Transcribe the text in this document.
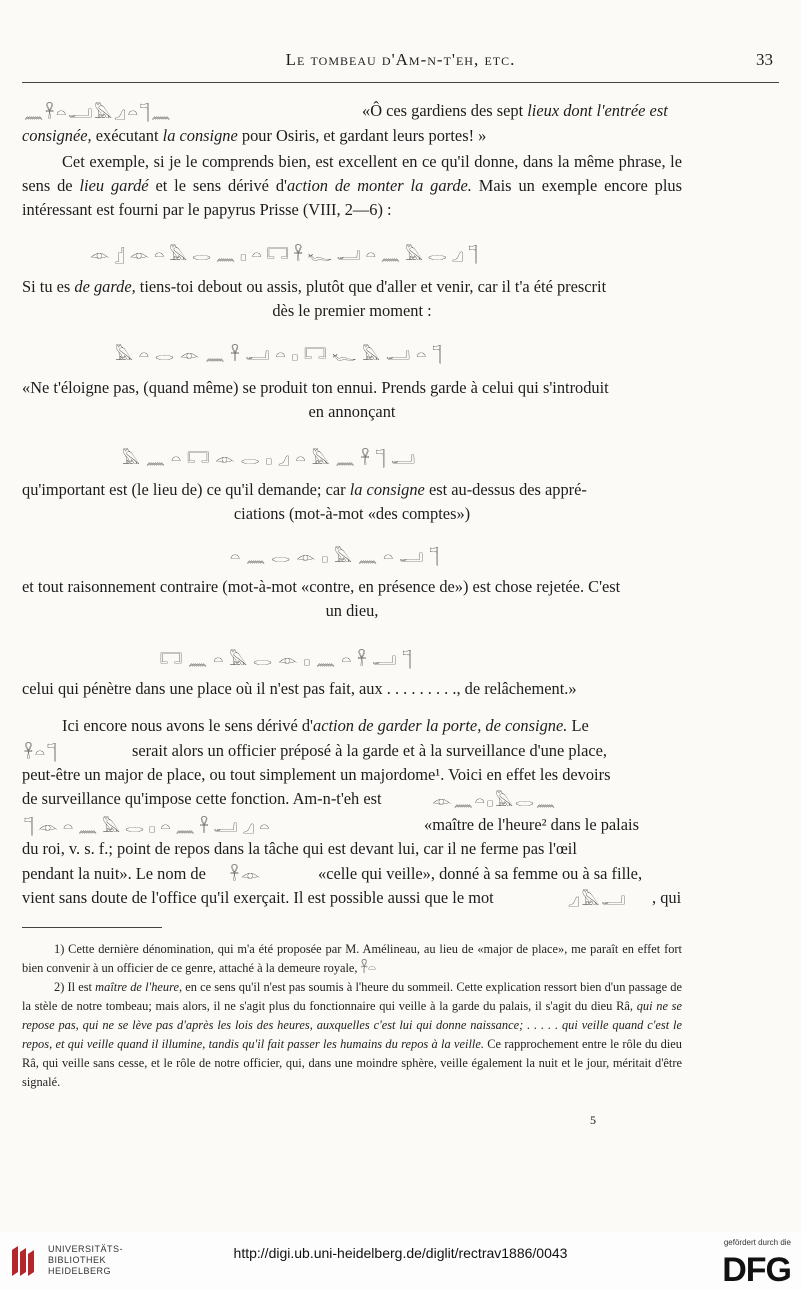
Le tombeau d'Am-n-t'eh, etc.	33
𓈖𓋹𓏏𓂝𓅓𓈎𓏏𓊹𓈖	«Ô ces gardiens des sept lieux dont l'entrée est
consignée, exécutant la consigne pour Osiris, et gardant leurs portes! »
Cet exemple, si je le comprends bien, est excellent en ce qu'il donne, dans la même phrase, le sens de lieu gardé et le sens dérivé d'action de monter la garde. Mais un exemple encore plus intéressant est fourni par le papyrus Prisse (VIII, 2—6) :
𓁹𓊨𓁹𓏏𓅓𓂋𓈖𓊪𓏏𓉐𓋹𓆑𓂝𓏏𓈖𓅓𓂋𓈎𓊹
Si tu es de garde, tiens-toi debout ou assis, plutôt que d'aller et venir, car il t'a été prescrit
dès le premier moment :
𓅓𓏏𓂋𓁹𓈖𓋹𓂝𓏏𓊪𓉐𓆑𓅓𓂝𓏏𓊹
«Ne t'éloigne pas, (quand même) se produit ton ennui. Prends garde à celui qui s'introduit
en annonçant
𓅓𓈖𓏏𓉐𓁹𓂋𓊪𓈎𓏏𓅓𓈖𓋹𓊹𓂝
qu'important est (le lieu de) ce qu'il demande; car la consigne est au-dessus des appré-
ciations (mot-à-mot «des comptes»)
𓏏𓈖𓂋𓁹𓊪𓅓𓈖𓏏𓂝𓊹
et tout raisonnement contraire (mot-à-mot «contre, en présence de») est chose rejetée. C'est
un dieu,
𓉐𓈖𓏏𓅓𓂋𓁹𓊪𓈖𓏏𓋹𓂝𓊹
celui qui pénètre dans une place où il n'est pas fait, aux . . . . . . . . ., de relâchement.»
Ici encore nous avons le sens dérivé d'action de garder la porte, de consigne. Le
𓋹𓏏𓊹	serait alors un officier préposé à la garde et à la surveillance d'une place,
peut-être un major de place, ou tout simplement un majordome¹. Voici en effet les devoirs
de surveillance qu'impose cette fonction. Am-n-t'eh est	𓁹𓈖𓏏𓊪𓅓𓂋𓈖
𓊹𓁹𓏏𓈖𓅓𓂋𓊪𓏏𓈖𓋹𓂝𓈎𓏏	«maître de l'heure² dans le palais
du roi, v. s. f.; point de repos dans la tâche qui est devant lui, car il ne ferme pas l'œil
pendant la nuit». Le nom de 𓋹𓁹	«celle qui veille», donné à sa femme ou à sa fille,
vient sans doute de l'office qu'il exerçait. Il est possible aussi que le mot	𓈎𓅓𓂝	, qui

1) Cette dernière dénomination, qui m'a été proposée par M. Amélineau, au lieu de «major de place», me paraît en effet fort bien convenir à un officier de ce genre, attaché à la demeure royale, 𓋹𓏏

2) Il est maître de l'heure, en ce sens qu'il n'est pas soumis à l'heure du sommeil. Cette explication ressort bien d'un passage de la stèle de notre tombeau; mais alors, il ne s'agit plus du fonctionnaire qui veille à la garde du palais, il s'agit du dieu Râ, qui ne se repose pas, qui ne se lève pas d'après les lois des heures, auxquelles c'est lui qui donne naissance; . . . . . qui veille quand c'est le repos, et qui veille quand il illumine, tandis qu'il fait passer les humains du repos à la veille. Ce rapprochement entre le rôle du dieu Râ, qui veille sans cesse, et le rôle de notre officier, qui, dans une moindre sphère, veille également la nuit et le jour, méritait d'être signalé.

5
UNIVERSITÄTS-
BIBLIOTHEK
HEIDELBERG
http://digi.ub.uni-heidelberg.de/diglit/rectrav1886/0043
gefördert durch die
DFG
